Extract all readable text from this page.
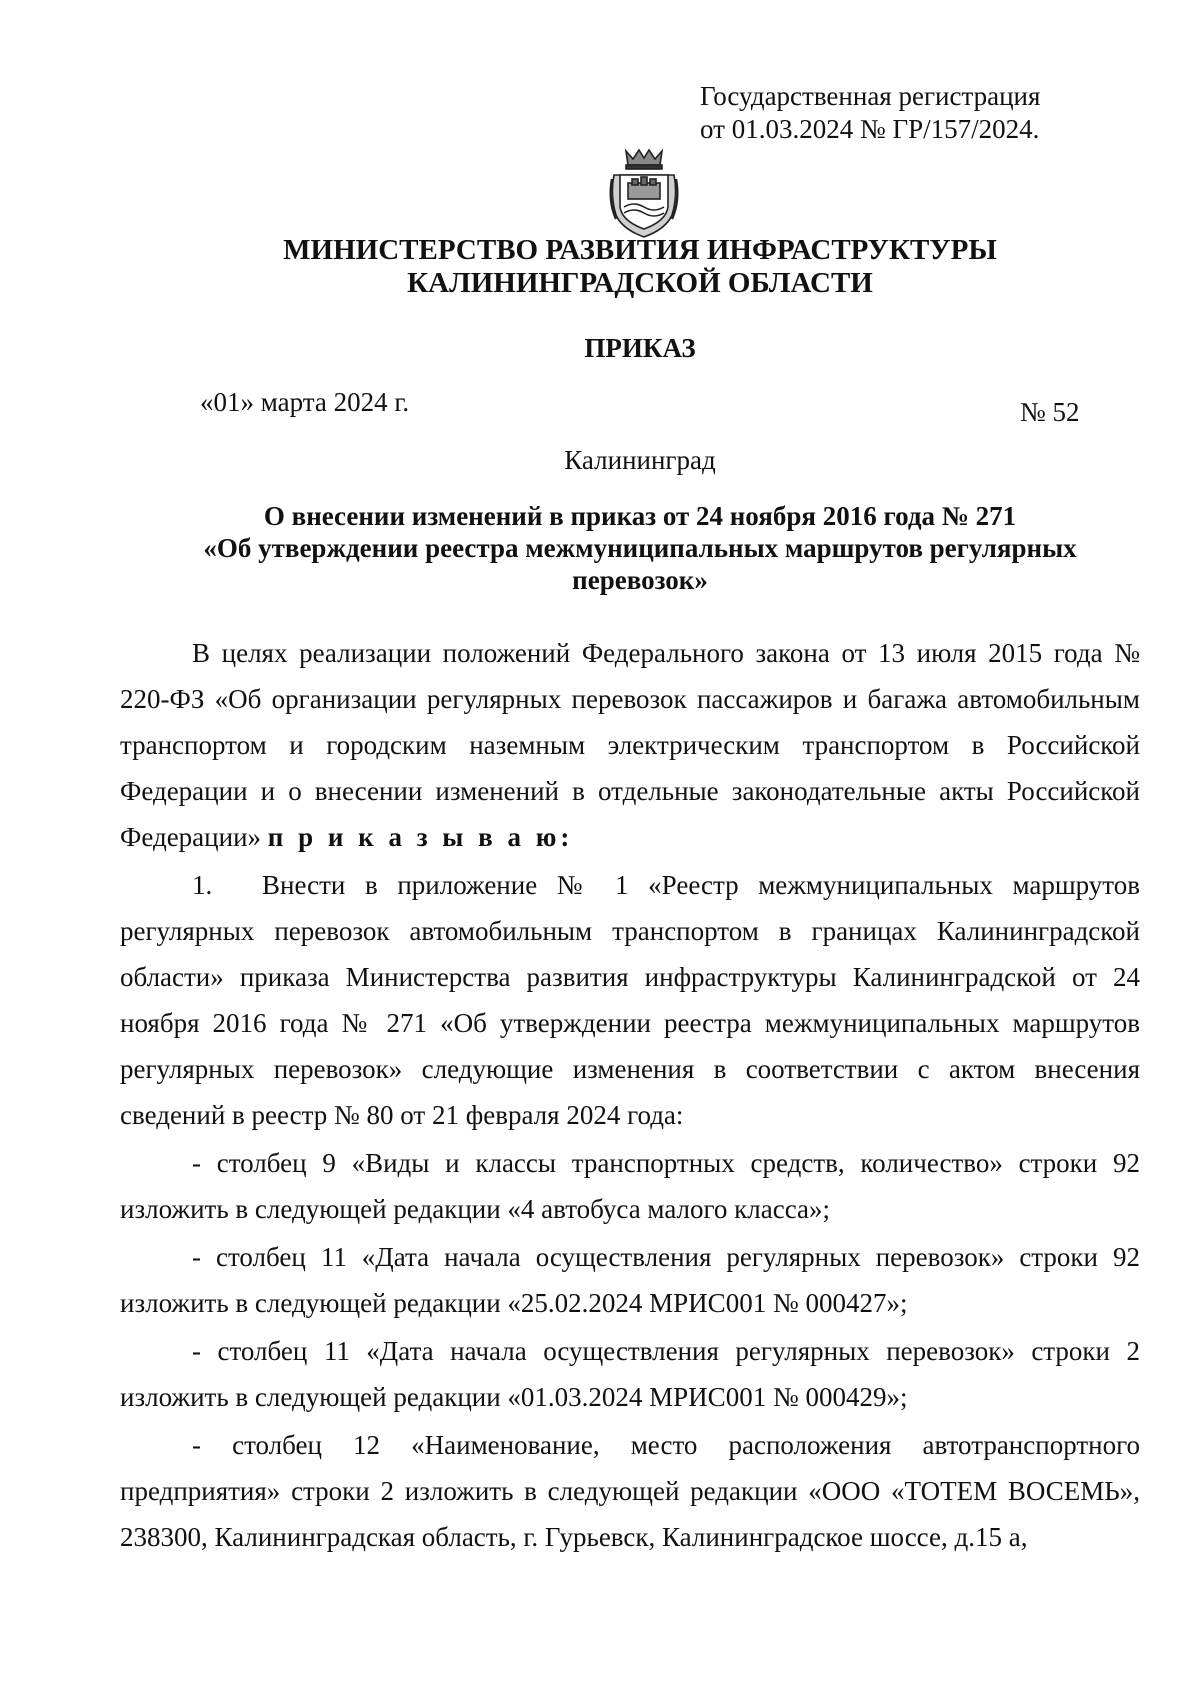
Государственная регистрация
от 01.03.2024 № ГР/157/2024.
МИНИСТЕРСТВО РАЗВИТИЯ ИНФРАСТРУКТУРЫ
КАЛИНИНГРАДСКОЙ ОБЛАСТИ
ПРИКАЗ
«01» марта 2024 г.	№ 52
Калининград
О внесении изменений в приказ от 24 ноября 2016 года № 271
«Об утверждении реестра межмуниципальных маршрутов регулярных
перевозок»

В целях реализации положений Федерального закона от 13 июля 2015 года № 220-ФЗ «Об организации регулярных перевозок пассажиров и багажа автомобильным транспортом и городским наземным электрическим транспортом в Российской Федерации и о внесении изменений в отдельные законодательные акты Российской Федерации» п р и к а з ы в а ю:

1. Внести в приложение № 1 «Реестр межмуниципальных маршрутов регулярных перевозок автомобильным транспортом в границах Калининградской области» приказа Министерства развития инфраструктуры Калининградской от 24 ноября 2016 года № 271 «Об утверждении реестра межмуниципальных маршрутов регулярных перевозок» следующие изменения в соответствии с актом внесения сведений в реестр № 80 от 21 февраля 2024 года:

- столбец 9 «Виды и классы транспортных средств, количество» строки 92 изложить в следующей редакции «4 автобуса малого класса»;

- столбец 11 «Дата начала осуществления регулярных перевозок» строки 92 изложить в следующей редакции «25.02.2024 МРИС001 № 000427»;

- столбец 11 «Дата начала осуществления регулярных перевозок» строки 2 изложить в следующей редакции «01.03.2024 МРИС001 № 000429»;

- столбец 12 «Наименование, место расположения автотранспортного предприятия» строки 2 изложить в следующей редакции «ООО «ТОТЕМ ВОСЕМЬ», 238300, Калининградская область, г. Гурьевск, Калининградское шоссе, д.15 а,
